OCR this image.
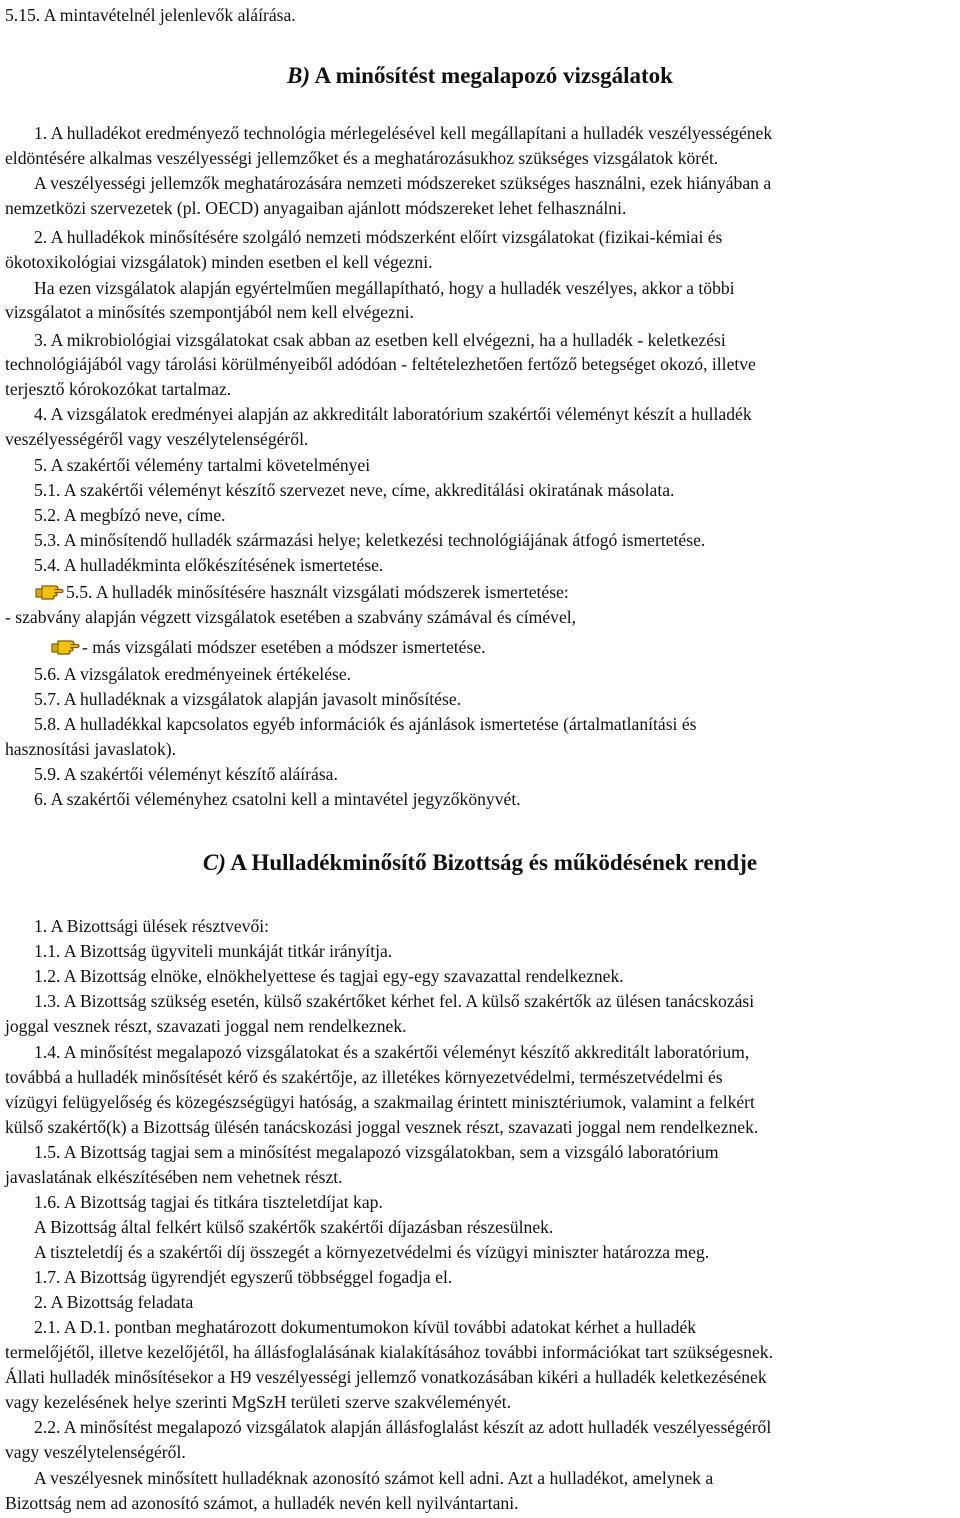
5.15. A mintavételnél jelenlevők aláírása.
B) A minősítést megalapozó vizsgálatok
1. A hulladékot eredményező technológia mérlegelésével kell megállapítani a hulladék veszélyességének
eldöntésére alkalmas veszélyességi jellemzőket és a meghatározásukhoz szükséges vizsgálatok körét.
A veszélyességi jellemzők meghatározására nemzeti módszereket szükséges használni, ezek hiányában a
nemzetközi szervezetek (pl. OECD) anyagaiban ajánlott módszereket lehet felhasználni.
2. A hulladékok minősítésére szolgáló nemzeti módszerként előírt vizsgálatokat (fizikai-kémiai és
ökotoxikológiai vizsgálatok) minden esetben el kell végezni.
Ha ezen vizsgálatok alapján egyértelműen megállapítható, hogy a hulladék veszélyes, akkor a többi
vizsgálatot a minősítés szempontjából nem kell elvégezni.
3. A mikrobiológiai vizsgálatokat csak abban az esetben kell elvégezni, ha a hulladék - keletkezési
technológiájából vagy tárolási körülményeiből adódóan - feltételezhetően fertőző betegséget okozó, illetve
terjesztő kórokozókat tartalmaz.
4. A vizsgálatok eredményei alapján az akkreditált laboratórium szakértői véleményt készít a hulladék
veszélyességéről vagy veszélytelenségéről.
5. A szakértői vélemény tartalmi követelményei
5.1. A szakértői véleményt készítő szervezet neve, címe, akkreditálási okiratának másolata.
5.2. A megbízó neve, címe.
5.3. A minősítendő hulladék származási helye; keletkezési technológiájának átfogó ismertetése.
5.4. A hulladékminta előkészítésének ismertetése.
5.5. A hulladék minősítésére használt vizsgálati módszerek ismertetése:
- szabvány alapján végzett vizsgálatok esetében a szabvány számával és címével,
- más vizsgálati módszer esetében a módszer ismertetése.
5.6. A vizsgálatok eredményeinek értékelése.
5.7. A hulladéknak a vizsgálatok alapján javasolt minősítése.
5.8. A hulladékkal kapcsolatos egyéb információk és ajánlások ismertetése (ártalmatlanítási és
hasznosítási javaslatok).
5.9. A szakértői véleményt készítő aláírása.
6. A szakértői véleményhez csatolni kell a mintavétel jegyzőkönyvét.
C) A Hulladékminősítő Bizottság és működésének rendje
1. A Bizottsági ülések résztvevői:
1.1. A Bizottság ügyviteli munkáját titkár irányítja.
1.2. A Bizottság elnöke, elnökhelyettese és tagjai egy-egy szavazattal rendelkeznek.
1.3. A Bizottság szükség esetén, külső szakértőket kérhet fel. A külső szakértők az ülésen tanácskozási
joggal vesznek részt, szavazati joggal nem rendelkeznek.
1.4. A minősítést megalapozó vizsgálatokat és a szakértői véleményt készítő akkreditált laboratórium,
továbbá a hulladék minősítését kérő és szakértője, az illetékes környezetvédelmi, természetvédelmi és
vízügyi felügyelőség és közegészségügyi hatóság, a szakmailag érintett minisztériumok, valamint a felkért
külső szakértő(k) a Bizottság ülésén tanácskozási joggal vesznek részt, szavazati joggal nem rendelkeznek.
1.5. A Bizottság tagjai sem a minősítést megalapozó vizsgálatokban, sem a vizsgáló laboratórium
javaslatának elkészítésében nem vehetnek részt.
1.6. A Bizottság tagjai és titkára tiszteletdíjat kap.
A Bizottság által felkért külső szakértők szakértői díjazásban részesülnek.
A tiszteletdíj és a szakértői díj összegét a környezetvédelmi és vízügyi miniszter határozza meg.
1.7. A Bizottság ügyrendjét egyszerű többséggel fogadja el.
2. A Bizottság feladata
2.1. A D.1. pontban meghatározott dokumentumokon kívül további adatokat kérhet a hulladék
termelőjétől, illetve kezelőjétől, ha állásfoglalásának kialakításához további információkat tart szükségesnek.
Állati hulladék minősítésekor a H9 veszélyességi jellemző vonatkozásában kikéri a hulladék keletkezésének
vagy kezelésének helye szerinti MgSzH területi szerve szakvéleményét.
2.2. A minősítést megalapozó vizsgálatok alapján állásfoglalást készít az adott hulladék veszélyességéről
vagy veszélytelenségéről.
A veszélyesnek minősített hulladéknak azonosító számot kell adni. Azt a hulladékot, amelynek a
Bizottság nem ad azonosító számot, a hulladék nevén kell nyilvántartani.
